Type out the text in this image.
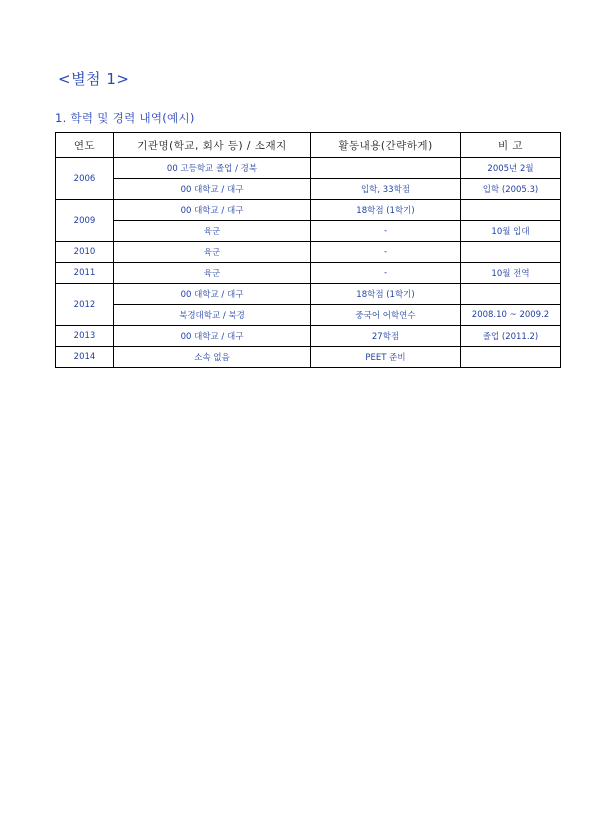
<별첨 1>
1. 학력 및 경력 내역(예시)
연도	기관명(학교, 회사 등) / 소재지	활동내용(간략하게)	비 고
2006	00 고등학교 졸업 / 경북		2005년 2월
	00 대학교 / 대구	입학, 33학점	입학 (2005.3)
2009	00 대학교 / 대구	18학점 (1학기)	
	육군	-	10월 입대
2010	육군	-	
2011	육군	-	10월 전역
2012	00 대학교 / 대구	18학점 (1학기)	
	북경대학교 / 북경	중국어 어학연수	2008.10 ~ 2009.2
2013	00 대학교 / 대구	27학점	졸업 (2011.2)
2014	소속 없음	PEET 준비	
